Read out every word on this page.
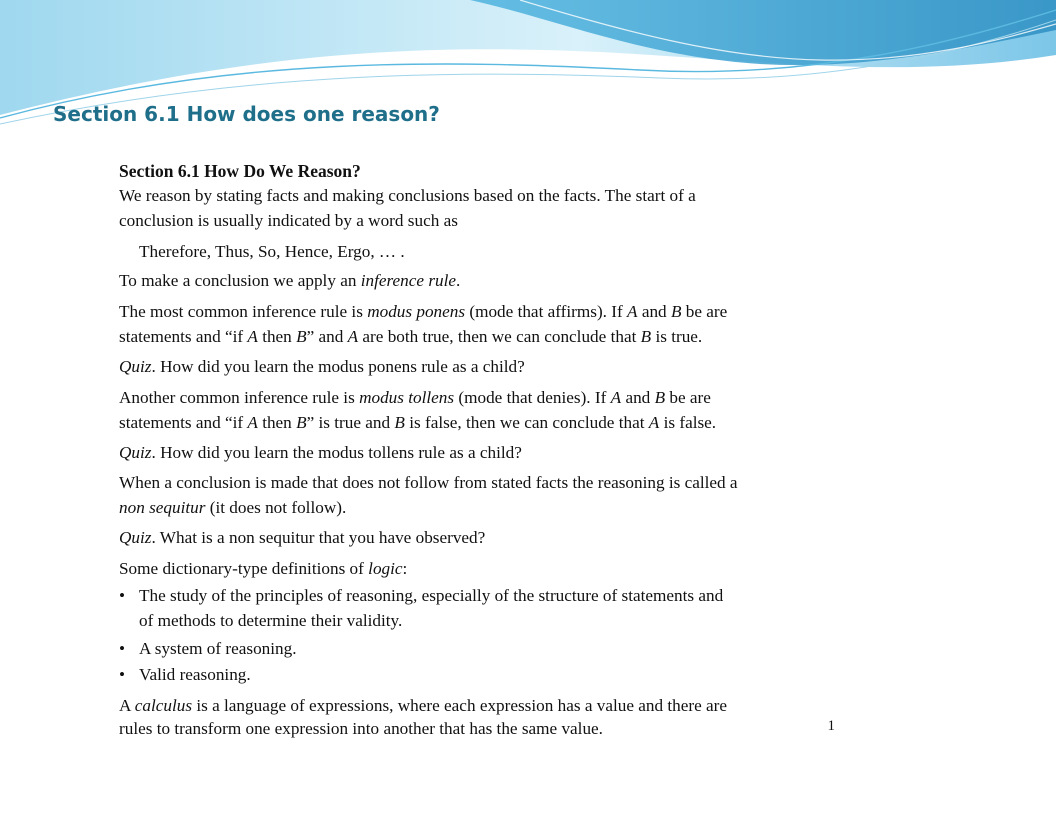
Section 6.1 How does one reason?
Section 6.1 How Do We Reason?

We reason by stating facts and making conclusions based on the facts. The start of a

conclusion is usually indicated by a word such as

Therefore, Thus, So, Hence, Ergo, … .

To make a conclusion we apply an inference rule.

The most common inference rule is modus ponens (mode that affirms). If A and B be are

statements and “if A then B” and A are both true, then we can conclude that B is true.

Quiz. How did you learn the modus ponens rule as a child?

Another common inference rule is modus tollens (mode that denies). If A and B be are

statements and “if A then B” is true and B is false, then we can conclude that A is false.

Quiz. How did you learn the modus tollens rule as a child?

When a conclusion is made that does not follow from stated facts the reasoning is called a

non sequitur (it does not follow).

Quiz. What is a non sequitur that you have observed?

Some dictionary-type definitions of logic:

• The study of the principles of reasoning, especially of the structure of statements and
of methods to determine their validity.
• A system of reasoning.
• Valid reasoning.

A calculus is a language of expressions, where each expression has a value and there are

rules to transform one expression into another that has the same value.	1
